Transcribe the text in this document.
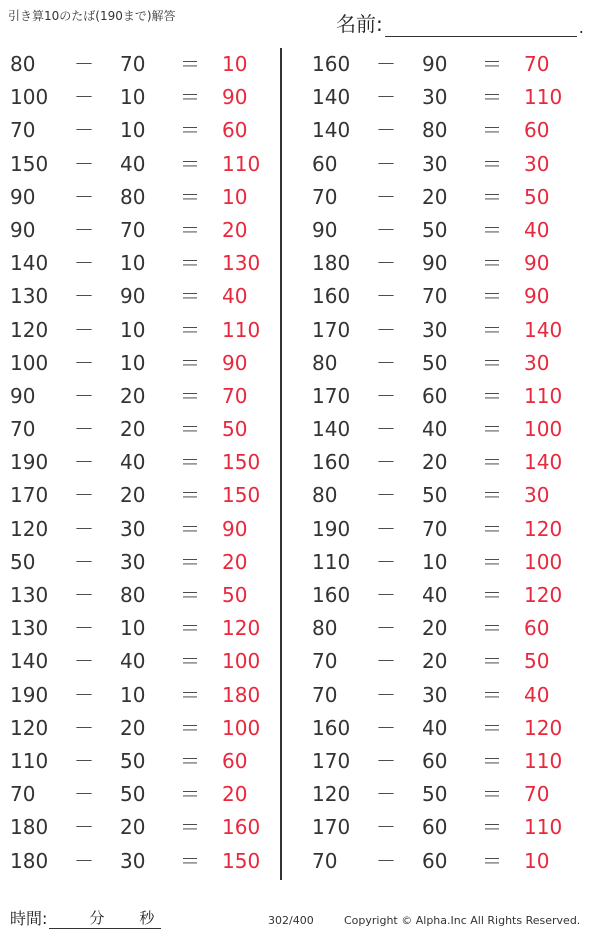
引き算10のたば(190まで)解答	名前:	.
80	－ 70	＝ 10
100	－ 10	＝ 90
70	－ 10	＝ 60
150	－ 40	＝ 110
90	－ 80	＝ 10
90	－ 70	＝ 20
140	－ 10	＝ 130
130	－ 90	＝ 40
120	－ 10	＝ 110
100	－ 10	＝ 90
90	－ 20	＝ 70
70	－ 20	＝ 50
190	－ 40	＝ 150
170	－ 20	＝ 150
120	－ 30	＝ 90
50	－ 30	＝ 20
130	－ 80	＝ 50
130	－ 10	＝ 120
140	－ 40	＝ 100
190	－ 10	＝ 180
120	－ 20	＝ 100
110	－ 50	＝ 60
70	－ 50	＝ 20
180	－ 20	＝ 160
180	－ 30	＝ 150
160	－ 90	＝ 70
140	－ 30	＝ 110
140	－ 80	＝ 60
60	－ 30	＝ 30
70	－ 20	＝ 50
90	－ 50	＝ 40
180	－ 90	＝ 90
160	－ 70	＝ 90
170	－ 30	＝ 140
80	－ 50	＝ 30
170	－ 60	＝ 110
140	－ 40	＝ 100
160	－ 20	＝ 140
80	－ 50	＝ 30
190	－ 70	＝ 120
110	－ 10	＝ 100
160	－ 40	＝ 120
80	－ 20	＝ 60
70	－ 20	＝ 50
70	－ 30	＝ 40
160	－ 40	＝ 120
170	－ 60	＝ 110
120	－ 50	＝ 70
170	－ 60	＝ 110
70	－ 60	＝ 10
時間:	分 秒	302/400	Copyright © Alpha.Inc All Rights Reserved.
